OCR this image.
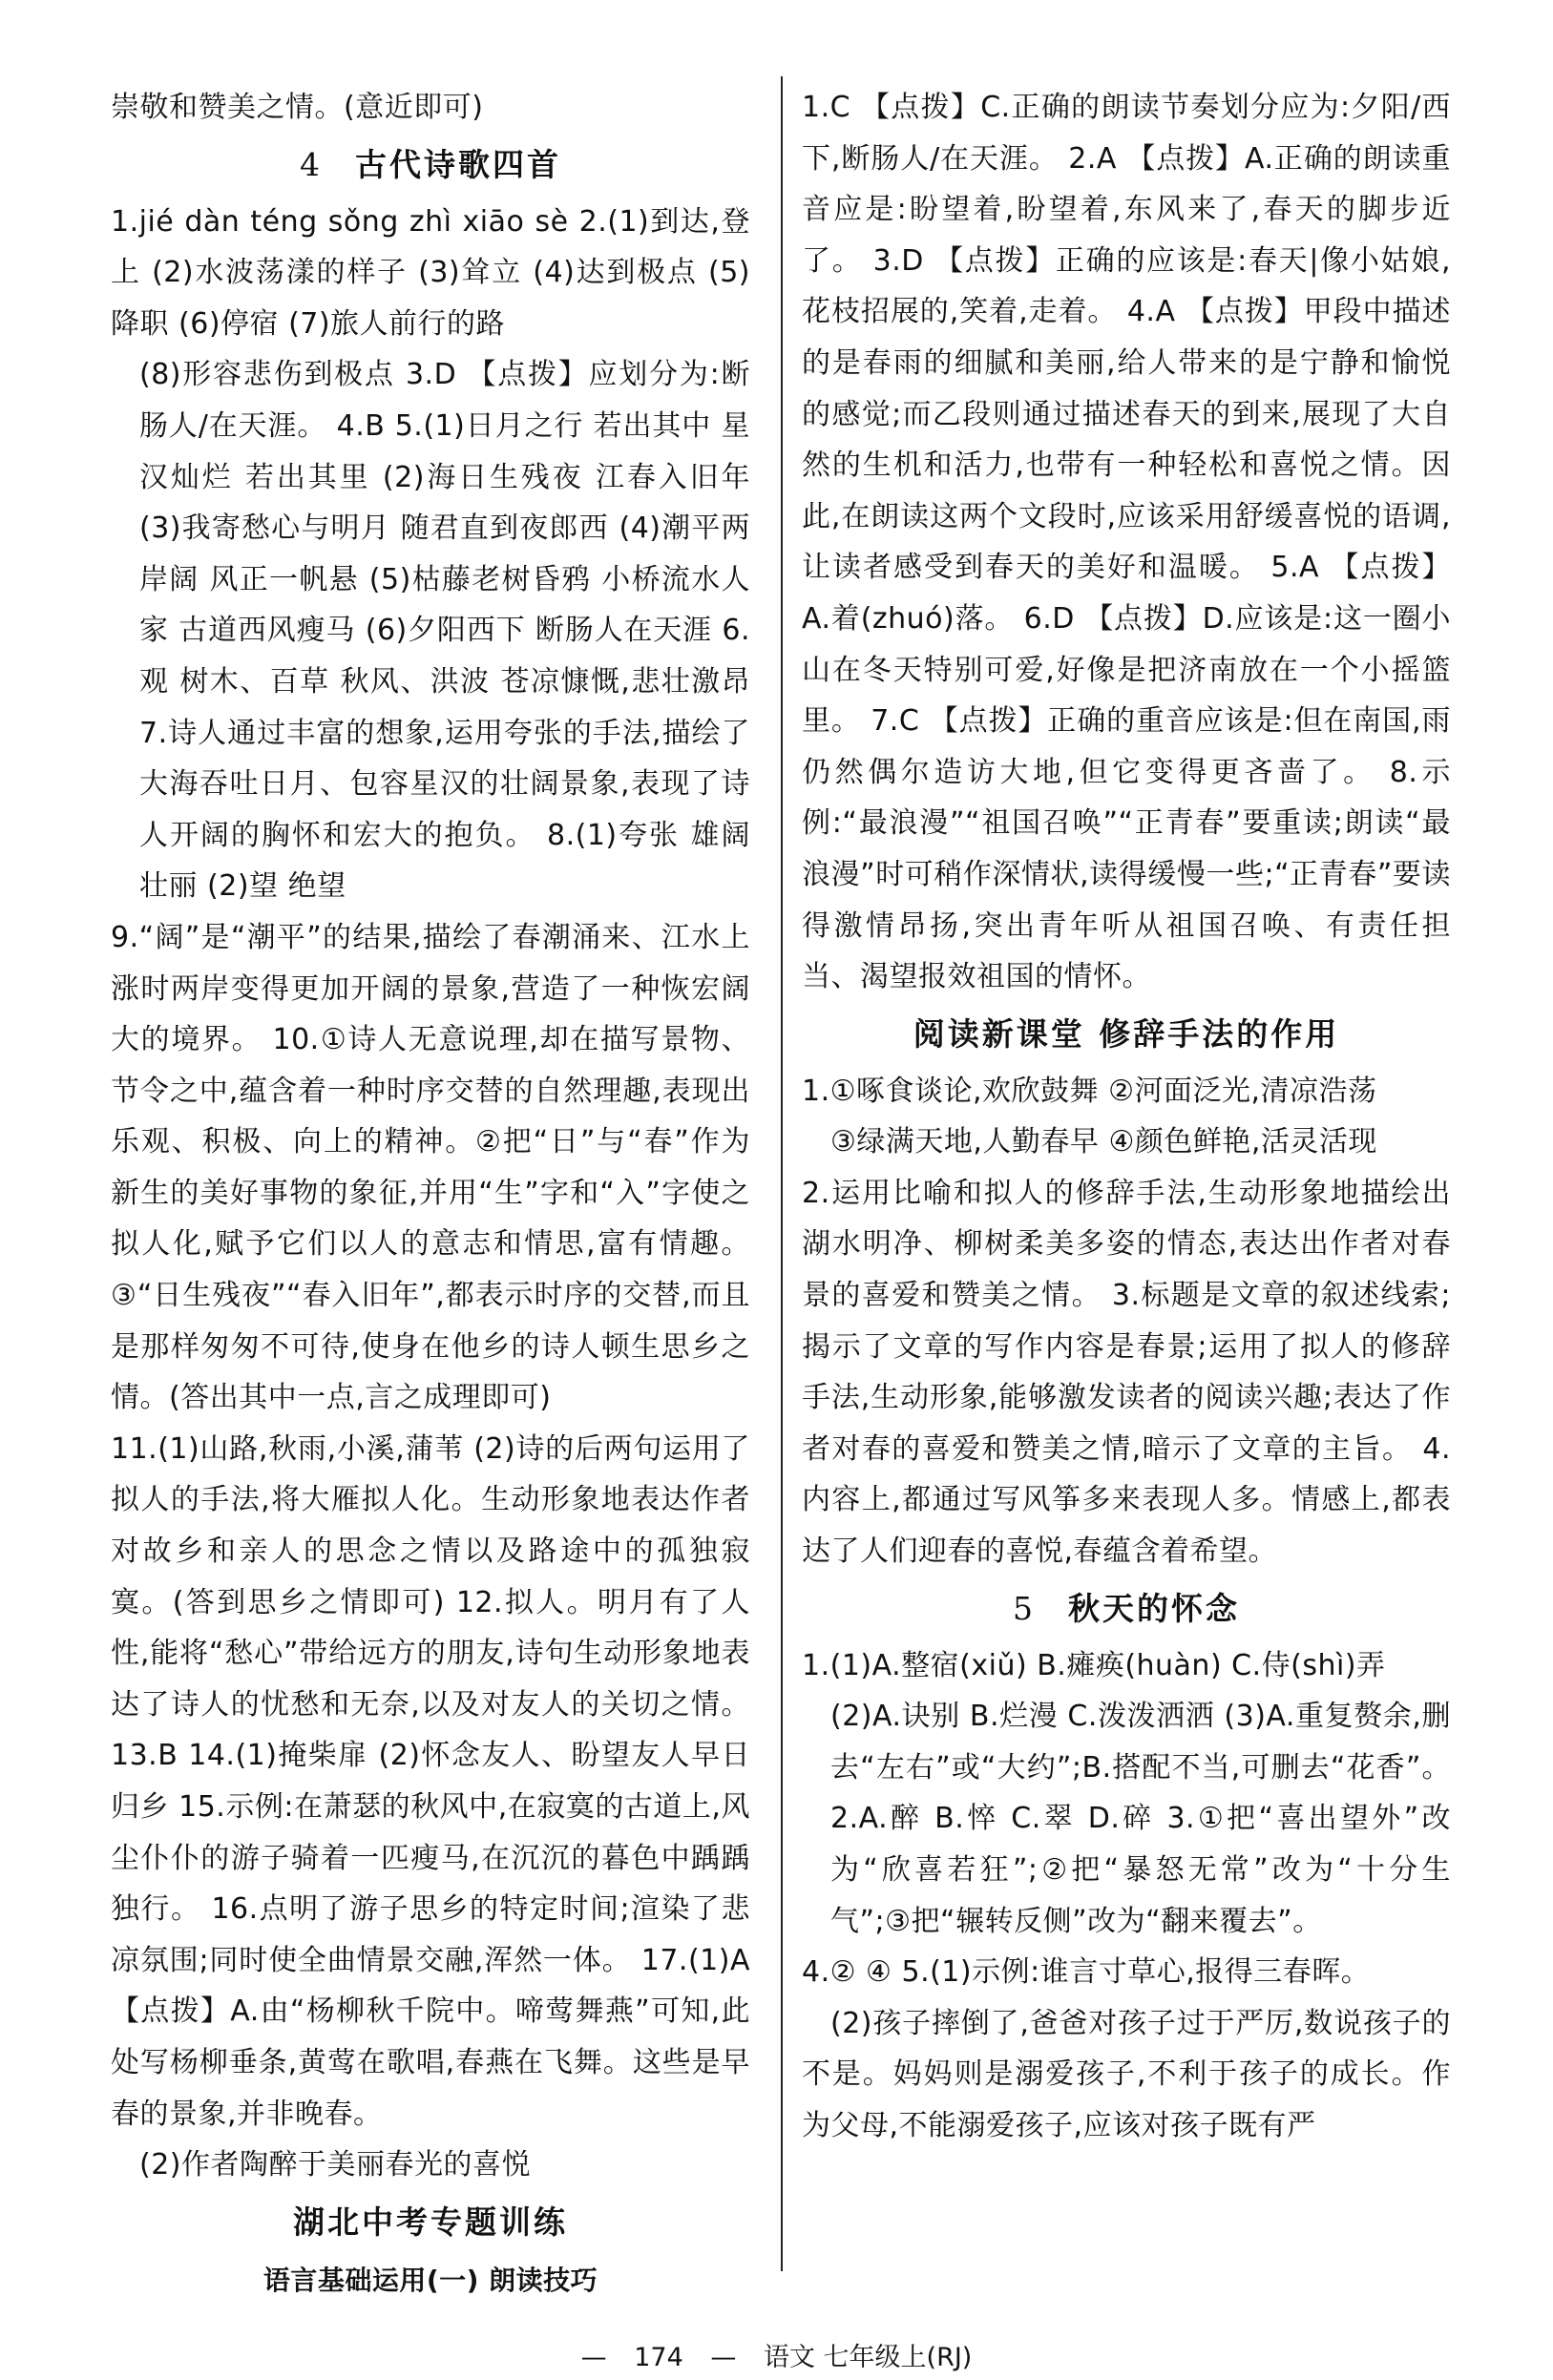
崇敬和赞美之情。(意近即可)

4 古代诗歌四首

1.jié dàn téng sǒng zhì xiāo sè 2.(1)到达,登上 (2)水波荡漾的样子 (3)耸立 (4)达到极点 (5)降职 (6)停宿 (7)旅人前行的路

(8)形容悲伤到极点 3.D 【点拨】应划分为:断肠人/在天涯。 4.B 5.(1)日月之行 若出其中 星汉灿烂 若出其里 (2)海日生残夜 江春入旧年 (3)我寄愁心与明月 随君直到夜郎西 (4)潮平两岸阔 风正一帆悬 (5)枯藤老树昏鸦 小桥流水人家 古道西风瘦马 (6)夕阳西下 断肠人在天涯 6.观 树木、百草 秋风、洪波 苍凉慷慨,悲壮激昂 7.诗人通过丰富的想象,运用夸张的手法,描绘了大海吞吐日月、包容星汉的壮阔景象,表现了诗人开阔的胸怀和宏大的抱负。 8.(1)夸张 雄阔壮丽 (2)望 绝望

9.“阔”是“潮平”的结果,描绘了春潮涌来、江水上涨时两岸变得更加开阔的景象,营造了一种恢宏阔大的境界。 10.①诗人无意说理,却在描写景物、节令之中,蕴含着一种时序交替的自然理趣,表现出乐观、积极、向上的精神。②把“日”与“春”作为新生的美好事物的象征,并用“生”字和“入”字使之拟人化,赋予它们以人的意志和情思,富有情趣。③“日生残夜”“春入旧年”,都表示时序的交替,而且是那样匆匆不可待,使身在他乡的诗人顿生思乡之情。(答出其中一点,言之成理即可)

11.(1)山路,秋雨,小溪,蒲苇 (2)诗的后两句运用了拟人的手法,将大雁拟人化。生动形象地表达作者对故乡和亲人的思念之情以及路途中的孤独寂寞。(答到思乡之情即可) 12.拟人。明月有了人性,能将“愁心”带给远方的朋友,诗句生动形象地表达了诗人的忧愁和无奈,以及对友人的关切之情。 13.B 14.(1)掩柴扉 (2)怀念友人、盼望友人早日归乡 15.示例:在萧瑟的秋风中,在寂寞的古道上,风尘仆仆的游子骑着一匹瘦马,在沉沉的暮色中踽踽独行。 16.点明了游子思乡的特定时间;渲染了悲凉氛围;同时使全曲情景交融,浑然一体。 17.(1)A 【点拨】A.由“杨柳秋千院中。啼莺舞燕”可知,此处写杨柳垂条,黄莺在歌唱,春燕在飞舞。这些是早春的景象,并非晚春。

(2)作者陶醉于美丽春光的喜悦

湖北中考专题训练
语言基础运用(一) 朗读技巧

1.C 【点拨】C.正确的朗读节奏划分应为:夕阳/西下,断肠人/在天涯。 2.A 【点拨】A.正确的朗读重音应是:盼望着,盼望着,东风来了,春天的脚步近了。 3.D 【点拨】正确的应该是:春天|像小姑娘,花枝招展的,笑着,走着。 4.A 【点拨】甲段中描述的是春雨的细腻和美丽,给人带来的是宁静和愉悦的感觉;而乙段则通过描述春天的到来,展现了大自然的生机和活力,也带有一种轻松和喜悦之情。因此,在朗读这两个文段时,应该采用舒缓喜悦的语调,让读者感受到春天的美好和温暖。 5.A 【点拨】A.着(zhuó)落。 6.D 【点拨】D.应该是:这一圈小山在冬天特别可爱,好像是把济南放在一个小摇篮里。 7.C 【点拨】正确的重音应该是:但在南国,雨仍然偶尔造访大地,但它变得更吝啬了。 8.示例:“最浪漫”“祖国召唤”“正青春”要重读;朗读“最浪漫”时可稍作深情状,读得缓慢一些;“正青春”要读得激情昂扬,突出青年听从祖国召唤、有责任担当、渴望报效祖国的情怀。

阅读新课堂 修辞手法的作用

1.①啄食谈论,欢欣鼓舞 ②河面泛光,清凉浩荡

③绿满天地,人勤春早 ④颜色鲜艳,活灵活现

2.运用比喻和拟人的修辞手法,生动形象地描绘出湖水明净、柳树柔美多姿的情态,表达出作者对春景的喜爱和赞美之情。 3.标题是文章的叙述线索;揭示了文章的写作内容是春景;运用了拟人的修辞手法,生动形象,能够激发读者的阅读兴趣;表达了作者对春的喜爱和赞美之情,暗示了文章的主旨。 4.内容上,都通过写风筝多来表现人多。情感上,都表达了人们迎春的喜悦,春蕴含着希望。

5 秋天的怀念

1.(1)A.整宿(xiǔ) B.瘫痪(huàn) C.侍(shì)弄

(2)A.诀别 B.烂漫 C.泼泼洒洒 (3)A.重复赘余,删去“左右”或“大约”;B.搭配不当,可删去“花香”。 2.A.醉 B.悴 C.翠 D.碎 3.①把“喜出望外”改为“欣喜若狂”;②把“暴怒无常”改为“十分生气”;③把“辗转反侧”改为“翻来覆去”。

4.② ④ 5.(1)示例:谁言寸草心,报得三春晖。

(2)孩子摔倒了,爸爸对孩子过于严厉,数说孩子的不是。妈妈则是溺爱孩子,不利于孩子的成长。作为父母,不能溺爱孩子,应该对孩子既有严

— 174 — 语文 七年级上(RJ)
